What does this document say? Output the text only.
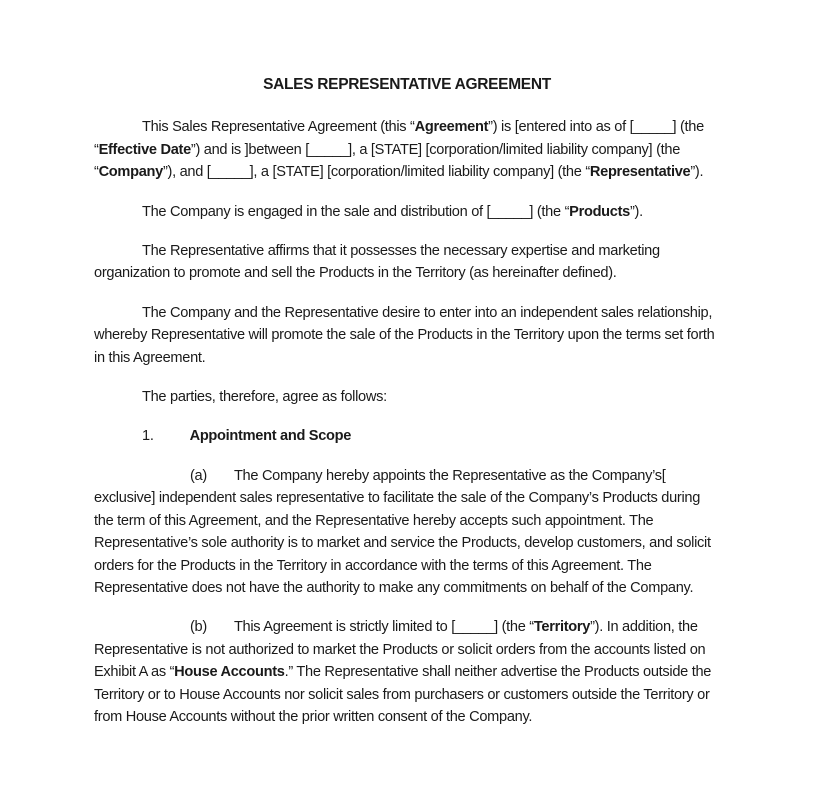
SALES REPRESENTATIVE AGREEMENT

This Sales Representative Agreement (this “Agreement”) is [entered into as of [_____] (the “Effective Date”) and is ]between [_____], a [STATE] [corporation/limited liability company] (the “Company”), and [_____], a [STATE] [corporation/limited liability company] (the “Representative”).

The Company is engaged in the sale and distribution of [_____] (the “Products”).

The Representative affirms that it possesses the necessary expertise and marketing organization to promote and sell the Products in the Territory (as hereinafter defined).

The Company and the Representative desire to enter into an independent sales relationship, whereby Representative will promote the sale of the Products in the Territory upon the terms set forth in this Agreement.

The parties, therefore, agree as follows:

1. Appointment and Scope

(a) The Company hereby appoints the Representative as the Company’s[ exclusive] independent sales representative to facilitate the sale of the Company’s Products during the term of this Agreement, and the Representative hereby accepts such appointment. The Representative’s sole authority is to market and service the Products, develop customers, and solicit orders for the Products in the Territory in accordance with the terms of this Agreement. The Representative does not have the authority to make any commitments on behalf of the Company.

(b) This Agreement is strictly limited to [_____] (the “Territory”). In addition, the Representative is not authorized to market the Products or solicit orders from the accounts listed on Exhibit A as “House Accounts.” The Representative shall neither advertise the Products outside the Territory or to House Accounts nor solicit sales from purchasers or customers outside the Territory or from House Accounts without the prior written consent of the Company.
